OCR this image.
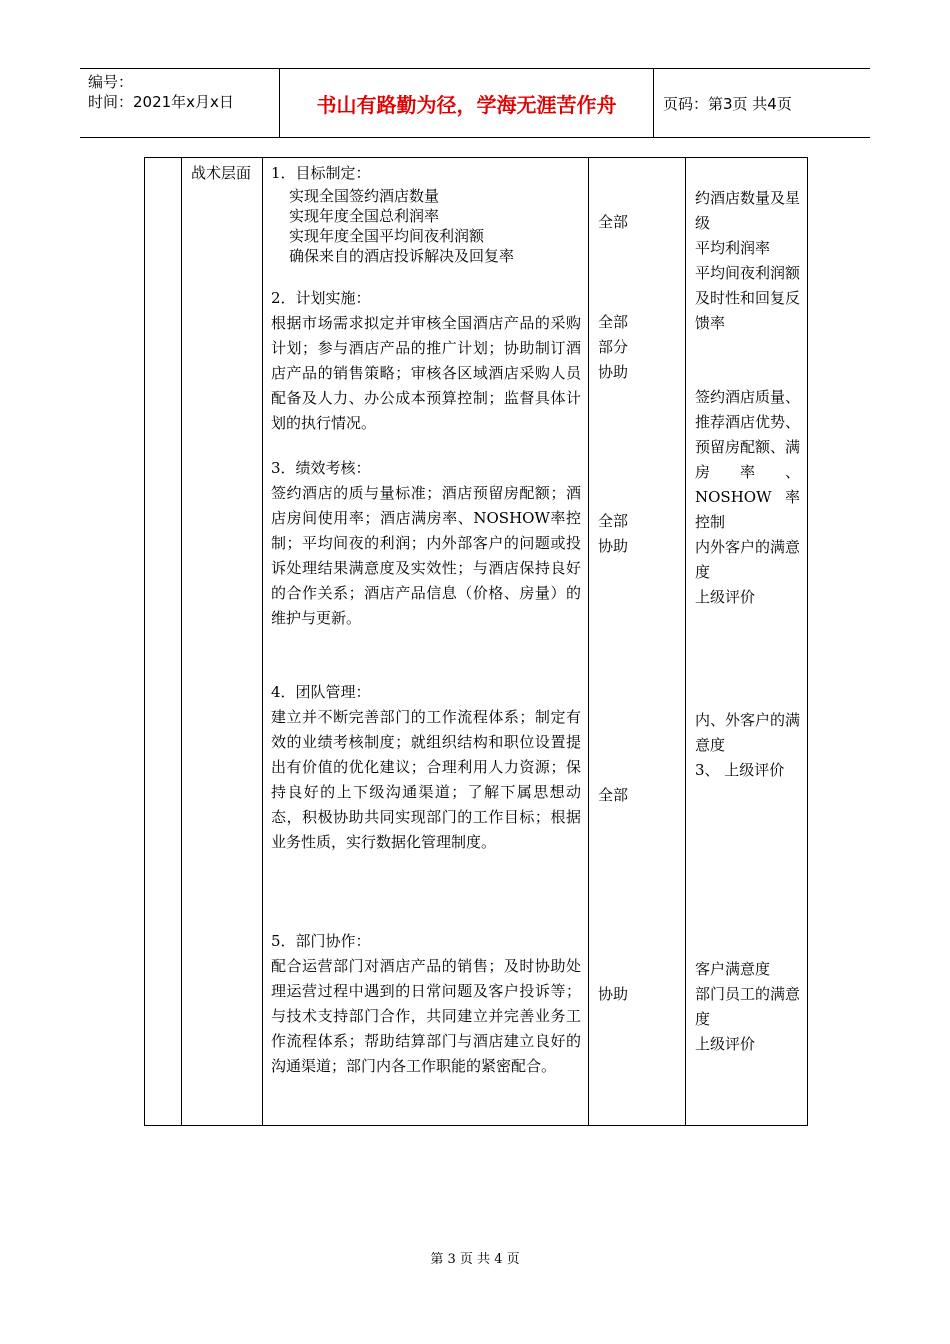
编号：
时间：2021年x月x日	书山有路勤为径，学海无涯苦作舟	页码：第3页 共4页
战术层面 1．目标制定：
实现全国签约酒店数量
实现年度全国总利润率
实现年度全国平均间夜利润额
确保来自的酒店投诉解决及回复率
2．计划实施：
根据市场需求拟定并审核全国酒店产品的采购计划；参与酒店产品的推广计划；协助制订酒店产品的销售策略；审核各区域酒店采购人员配备及人力、办公成本预算控制；监督具体计划的执行情况。
3．绩效考核：
签约酒店的质与量标准；酒店预留房配额；酒店房间使用率；酒店满房率、NOSHOW率控制；平均间夜的利润；内外部客户的问题或投诉处理结果满意度及实效性；与酒店保持良好的合作关系；酒店产品信息（价格、房量）的维护与更新。
4．团队管理：
建立并不断完善部门的工作流程体系；制定有效的业绩考核制度；就组织结构和职位设置提出有价值的优化建议；合理利用人力资源；保持良好的上下级沟通渠道；了解下属思想动态，积极协助共同实现部门的工作目标；根据业务性质，实行数据化管理制度。
5．部门协作：
配合运营部门对酒店产品的销售；及时协助处理运营过程中遇到的日常问题及客户投诉等；与技术支持部门合作，共同建立并完善业务工作流程体系；帮助结算部门与酒店建立良好的沟通渠道；部门内各工作职能的紧密配合。
全部
全部
部分
协助
全部
协助
全部
协助
约酒店数量及星级
平均利润率
平均间夜利润额
及时性和回复反馈率
签约酒店质量、推荐酒店优势、预留房配额、满房率、NOSHOW率控制
内外客户的满意度
上级评价
内、外客户的满意度
3、 上级评价
客户满意度
部门员工的满意度
上级评价
第 3 页 共 4 页
